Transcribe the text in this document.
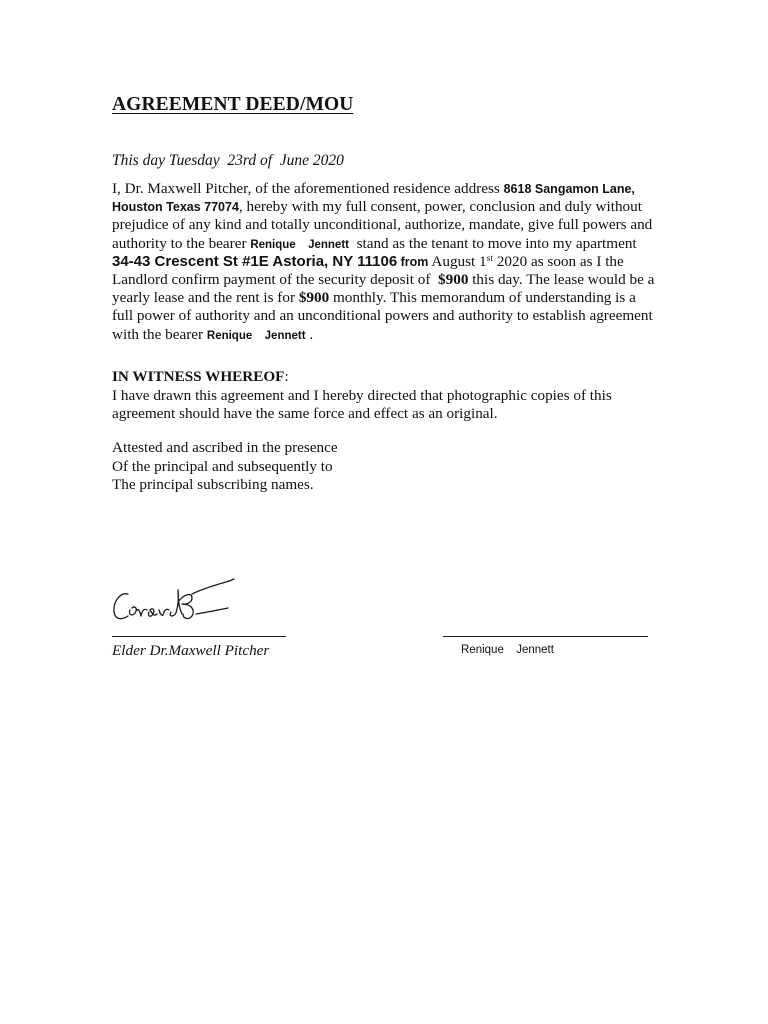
AGREEMENT DEED/MOU
This day Tuesday  23rd of  June 2020
I, Dr. Maxwell Pitcher, of the aforementioned residence address 8618 Sangamon Lane,
Houston Texas 77074, hereby with my full consent, power, conclusion and duly without
prejudice of any kind and totally unconditional, authorize, mandate, give full powers and
authority to the bearer Renique  Jennett  stand as the tenant to move into my apartment
34-43 Crescent St #1E Astoria, NY 11106 from August 1st 2020 as soon as I the
Landlord confirm payment of the security deposit of  $900 this day. The lease would be a
yearly lease and the rent is for $900 monthly. This memorandum of understanding is a
full power of authority and an unconditional powers and authority to establish agreement
with the bearer Renique  Jennett .
IN WITNESS WHEREOF:
I have drawn this agreement and I hereby directed that photographic copies of this
agreement should have the same force and effect as an original.
Attested and ascribed in the presence
Of the principal and subsequently to
The principal subscribing names.
Elder Dr.Maxwell Pitcher	Renique  Jennett
